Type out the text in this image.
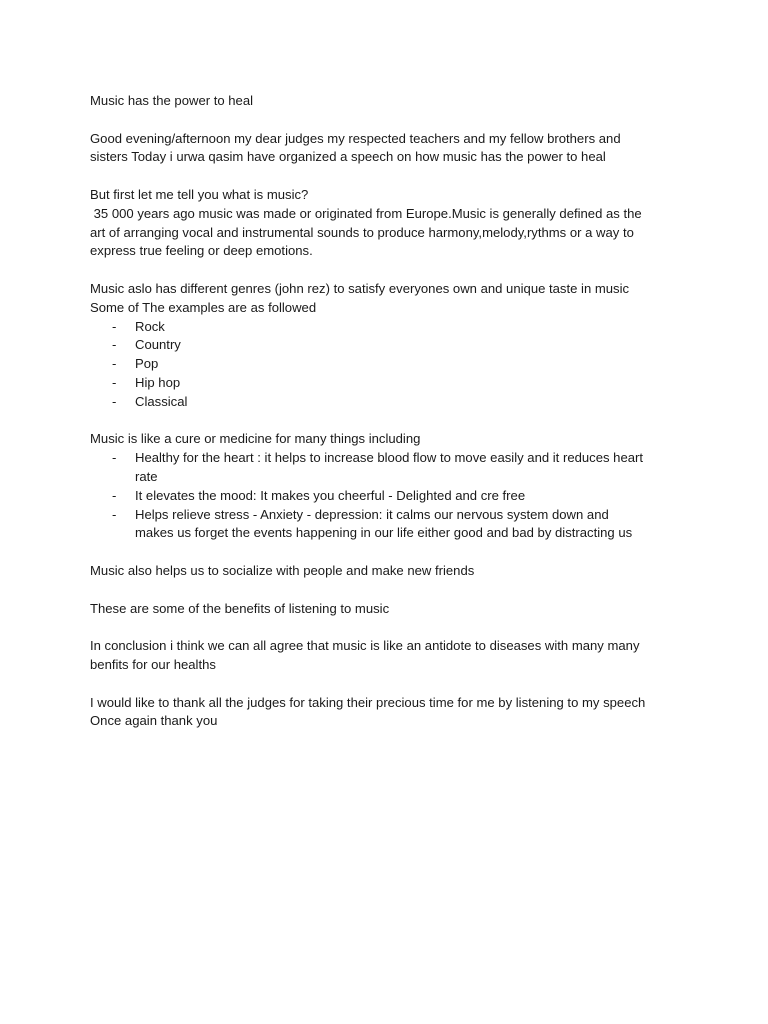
Music has the power to heal
Good evening/afternoon my dear judges my respected teachers and my fellow brothers and
sisters Today i urwa qasim have organized a speech on how music has the power to heal
But first let me tell you what is music?
35 000 years ago music was made or originated from Europe.Music is generally defined as the
art of arranging vocal and instrumental sounds to produce harmony,melody,rythms or a way to
express true feeling or deep emotions.
Music aslo has different genres (john rez) to satisfy everyones own and unique taste in music
Some of The examples are as followed
- Rock
- Country
- Pop
- Hip hop
- Classical
Music is like a cure or medicine for many things including
- Healthy for the heart : it helps to increase blood flow to move easily and it reduces heart
rate
- It elevates the mood: It makes you cheerful - Delighted and cre free
- Helps relieve stress - Anxiety - depression: it calms our nervous system down and
makes us forget the events happening in our life either good and bad by distracting us
Music also helps us to socialize with people and make new friends
These are some of the benefits of listening to music
In conclusion i think we can all agree that music is like an antidote to diseases with many many
benfits for our healths
I would like to thank all the judges for taking their precious time for me by listening to my speech
Once again thank you
